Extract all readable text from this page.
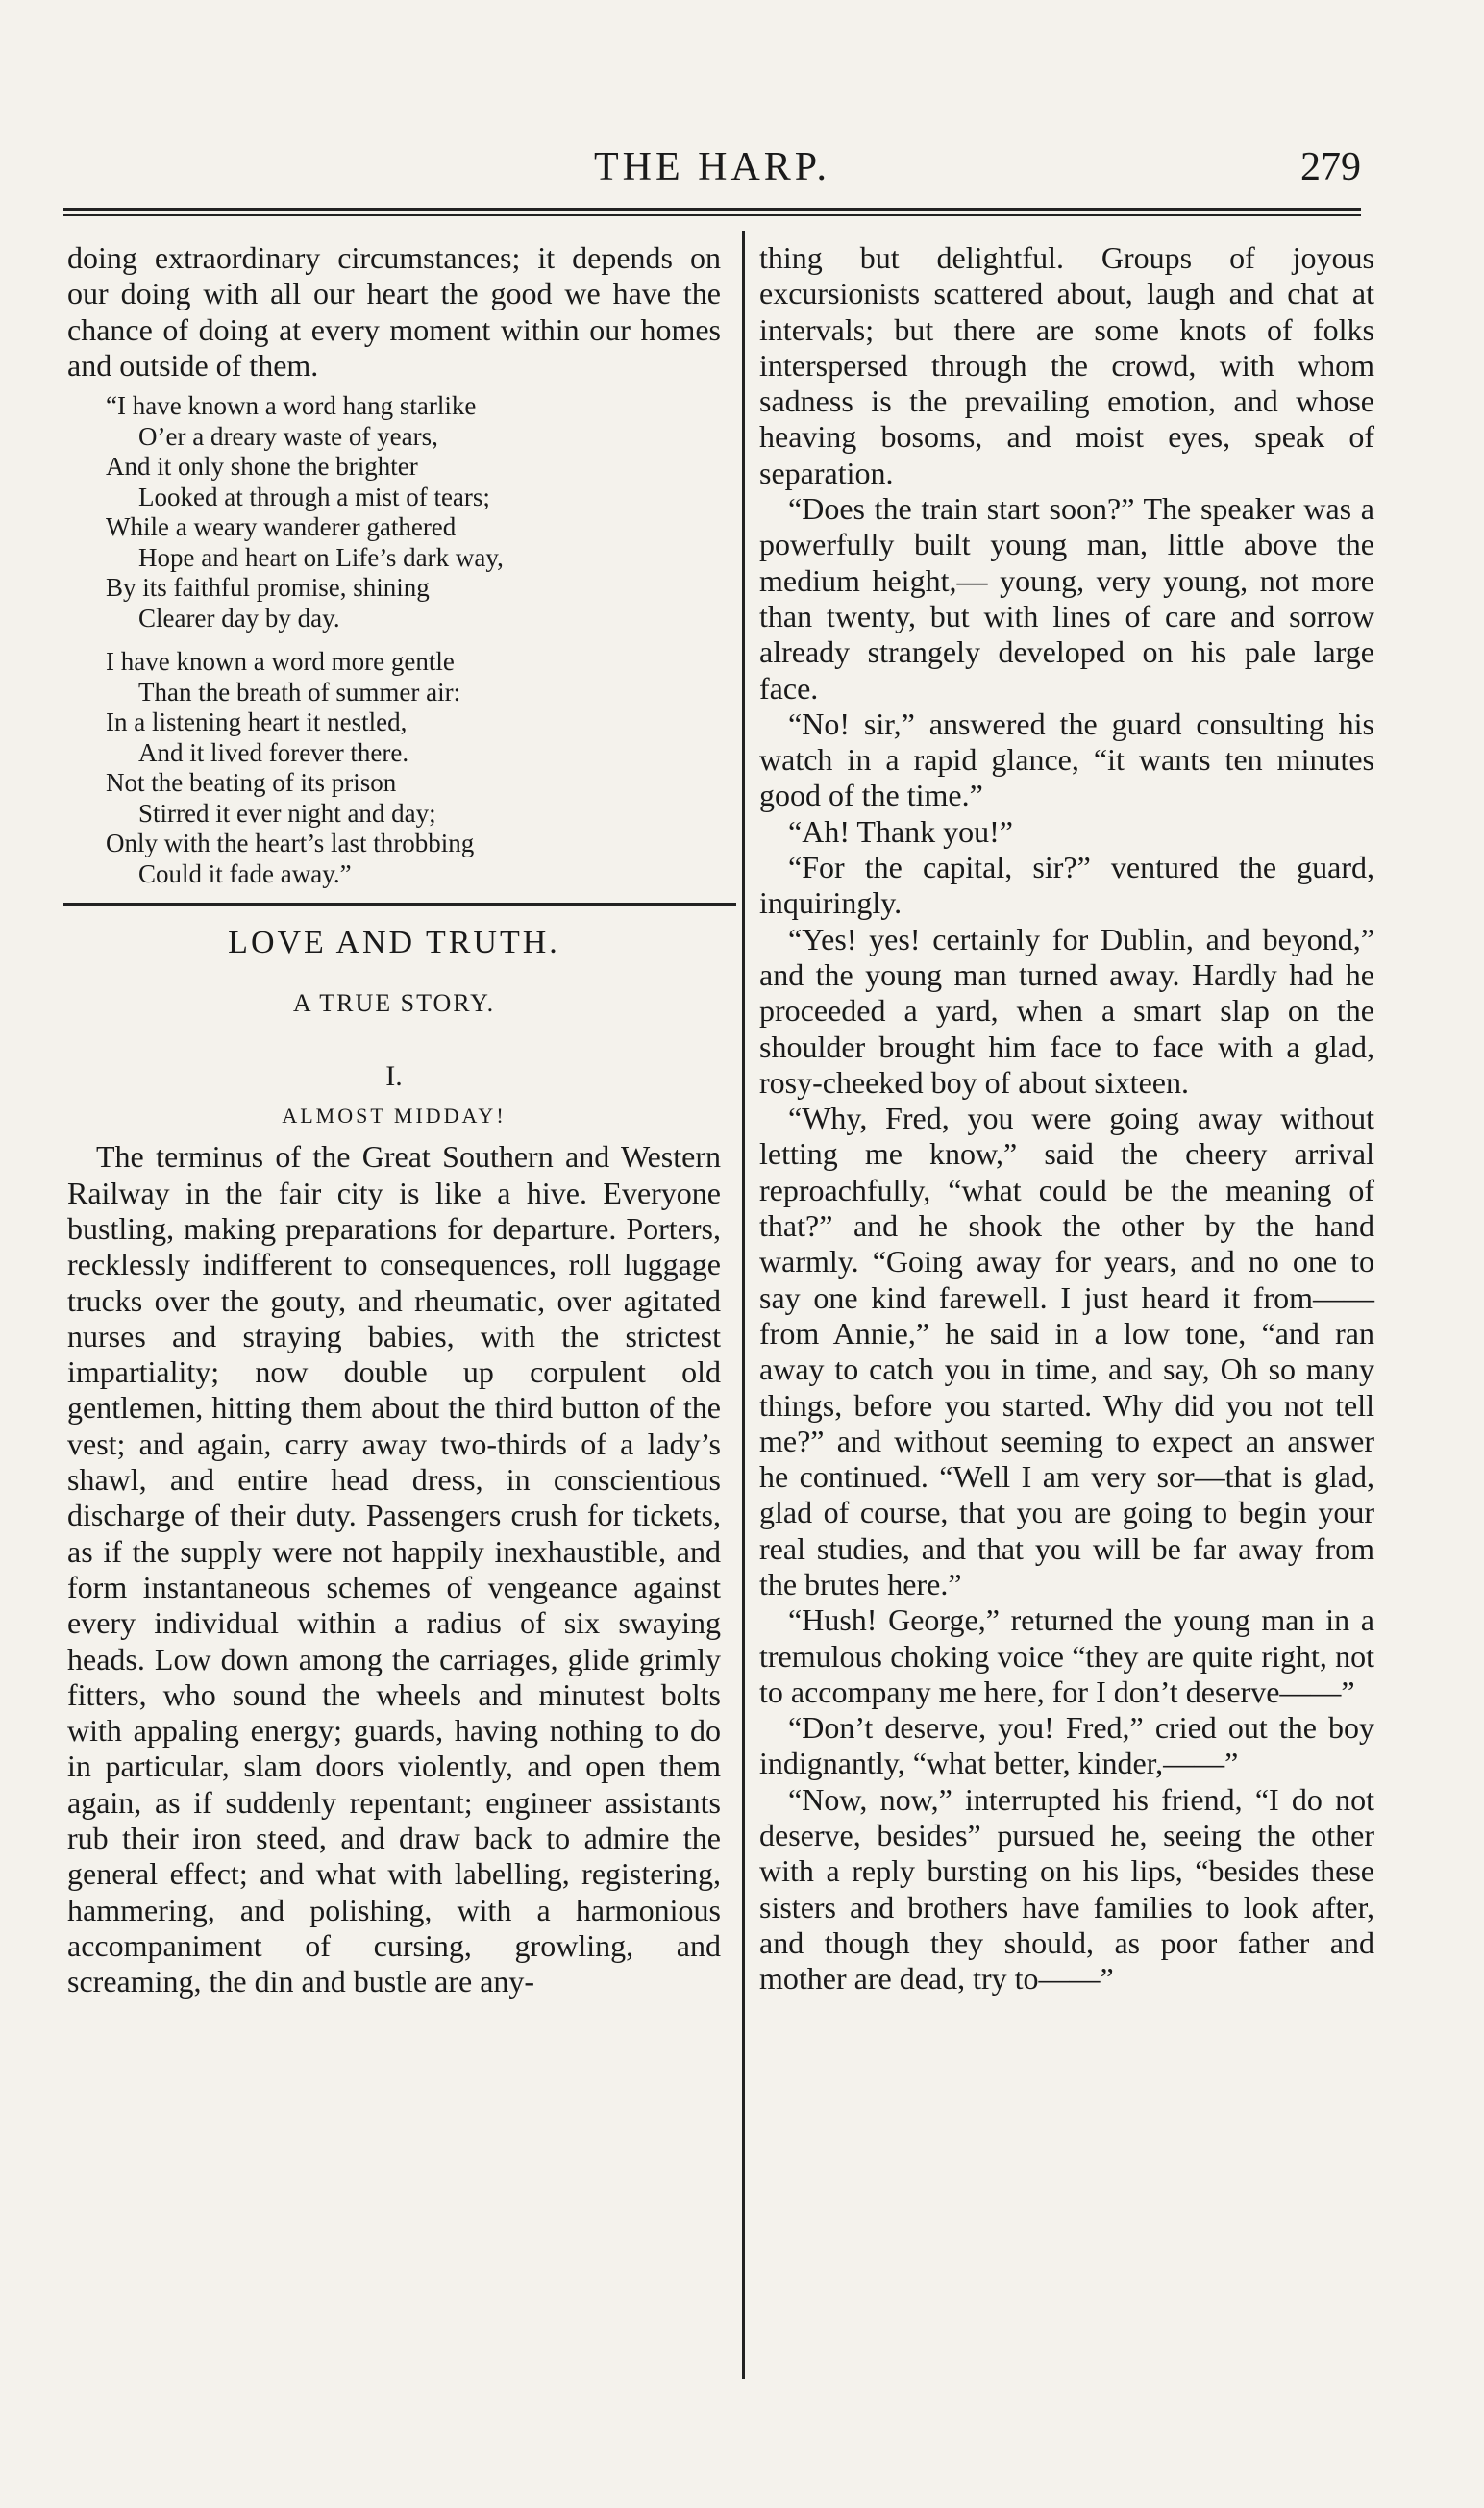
THE HARP.	279

doing extraordinary circumstances; it depends on our doing with all our heart the good we have the chance of doing at every moment within our homes and outside of them.

“I have known a word hang starlike
O’er a dreary waste of years,
And it only shone the brighter
Looked at through a mist of tears;
While a weary wanderer gathered
Hope and heart on Life’s dark way,
By its faithful promise, shining
Clearer day by day.
I have known a word more gentle
Than the breath of summer air:
In a listening heart it nestled,
And it lived forever there.
Not the beating of its prison
Stirred it ever night and day;
Only with the heart’s last throbbing
Could it fade away.”
LOVE AND TRUTH.
A TRUE STORY.
I.
ALMOST MIDDAY!

The terminus of the Great Southern and Western Railway in the fair city is like a hive. Everyone bustling, making preparations for departure. Porters, recklessly indifferent to consequences, roll luggage trucks over the gouty, and rheumatic, over agitated nurses and straying babies, with the strictest impartiality; now double up corpulent old gentlemen, hitting them about the third button of the vest; and again, carry away two-thirds of a lady’s shawl, and entire head dress, in conscientious discharge of their duty. Passengers crush for tickets, as if the supply were not happily inexhaustible, and form instantaneous schemes of vengeance against every individual within a radius of six swaying heads. Low down among the carriages, glide grimly fitters, who sound the wheels and minutest bolts with appaling energy; guards, having nothing to do in particular, slam doors violently, and open them again, as if suddenly repentant; engineer assistants rub their iron steed, and draw back to admire the general effect; and what with labelling, registering, hammering, and polishing, with a harmonious accompaniment of cursing, growling, and screaming, the din and bustle are any-

thing but delightful. Groups of joyous excursionists scattered about, laugh and chat at intervals; but there are some knots of folks interspersed through the crowd, with whom sadness is the prevailing emotion, and whose heaving bosoms, and moist eyes, speak of separation.

“Does the train start soon?” The speaker was a powerfully built young man, little above the medium height,— young, very young, not more than twenty, but with lines of care and sorrow already strangely developed on his pale large face.

“No! sir,” answered the guard consulting his watch in a rapid glance, “it wants ten minutes good of the time.”

“Ah! Thank you!”

“For the capital, sir?” ventured the guard, inquiringly.

“Yes! yes! certainly for Dublin, and beyond,” and the young man turned away. Hardly had he proceeded a yard, when a smart slap on the shoulder brought him face to face with a glad, rosy-cheeked boy of about sixteen.

“Why, Fred, you were going away without letting me know,” said the cheery arrival reproachfully, “what could be the meaning of that?” and he shook the other by the hand warmly. “Going away for years, and no one to say one kind farewell. I just heard it from——from Annie,” he said in a low tone, “and ran away to catch you in time, and say, Oh so many things, before you started. Why did you not tell me?” and without seeming to expect an answer he continued. “Well I am very sor—that is glad, glad of course, that you are going to begin your real studies, and that you will be far away from the brutes here.”

“Hush! George,” returned the young man in a tremulous choking voice “they are quite right, not to accompany me here, for I don’t deserve——”

“Don’t deserve, you! Fred,” cried out the boy indignantly, “what better, kinder,——”

“Now, now,” interrupted his friend, “I do not deserve, besides” pursued he, seeing the other with a reply bursting on his lips, “besides these sisters and brothers have families to look after, and though they should, as poor father and mother are dead, try to——”
